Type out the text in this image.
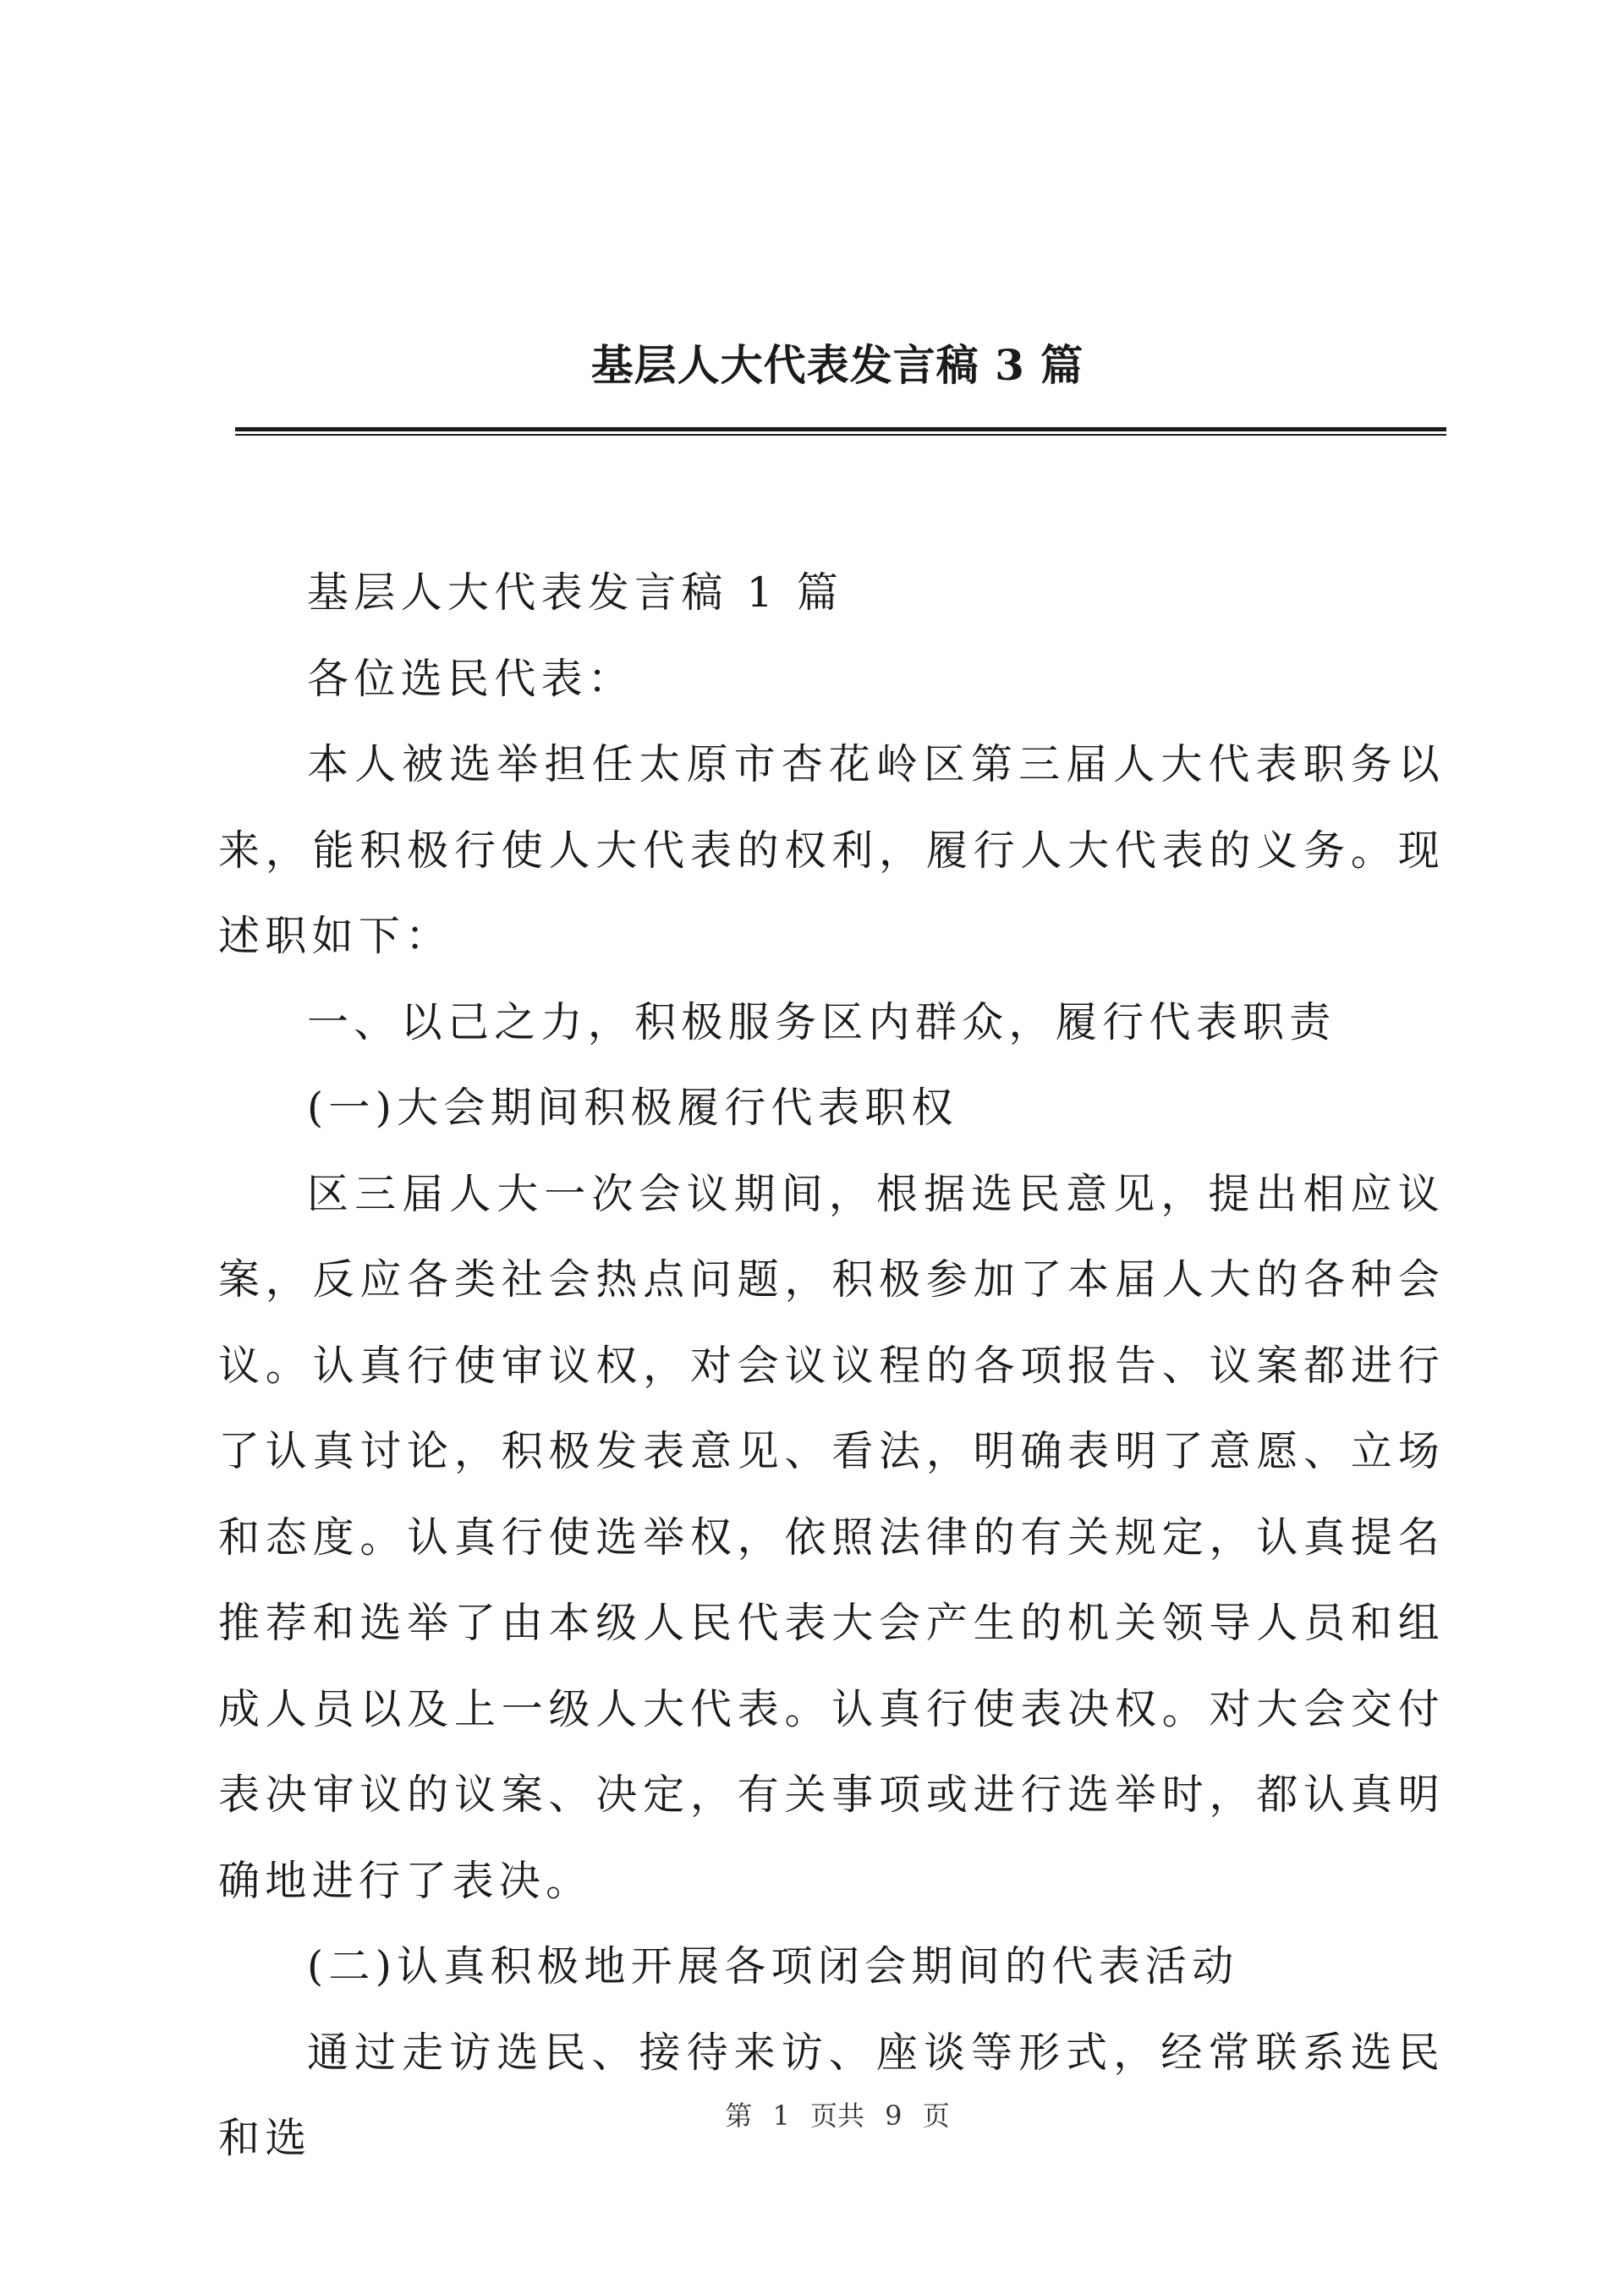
基层人大代表发言稿 3 篇

基层人大代表发言稿 1 篇

各位选民代表：

本人被选举担任太原市杏花岭区第三届人大代表职务以来，能积极行使人大代表的权利，履行人大代表的义务。现述职如下：

一、以己之力，积极服务区内群众，履行代表职责

(一)大会期间积极履行代表职权

区三届人大一次会议期间，根据选民意见，提出相应议案，反应各类社会热点问题，积极参加了本届人大的各种会议。认真行使审议权，对会议议程的各项报告、议案都进行了认真讨论，积极发表意见、看法，明确表明了意愿、立场和态度。认真行使选举权，依照法律的有关规定，认真提名推荐和选举了由本级人民代表大会产生的机关领导人员和组成人员以及上一级人大代表。认真行使表决权。对大会交付表决审议的议案、决定，有关事项或进行选举时，都认真明确地进行了表决。

(二)认真积极地开展各项闭会期间的代表活动

通过走访选民、接待来访、座谈等形式，经常联系选民和选	第 1 页共 9 页
